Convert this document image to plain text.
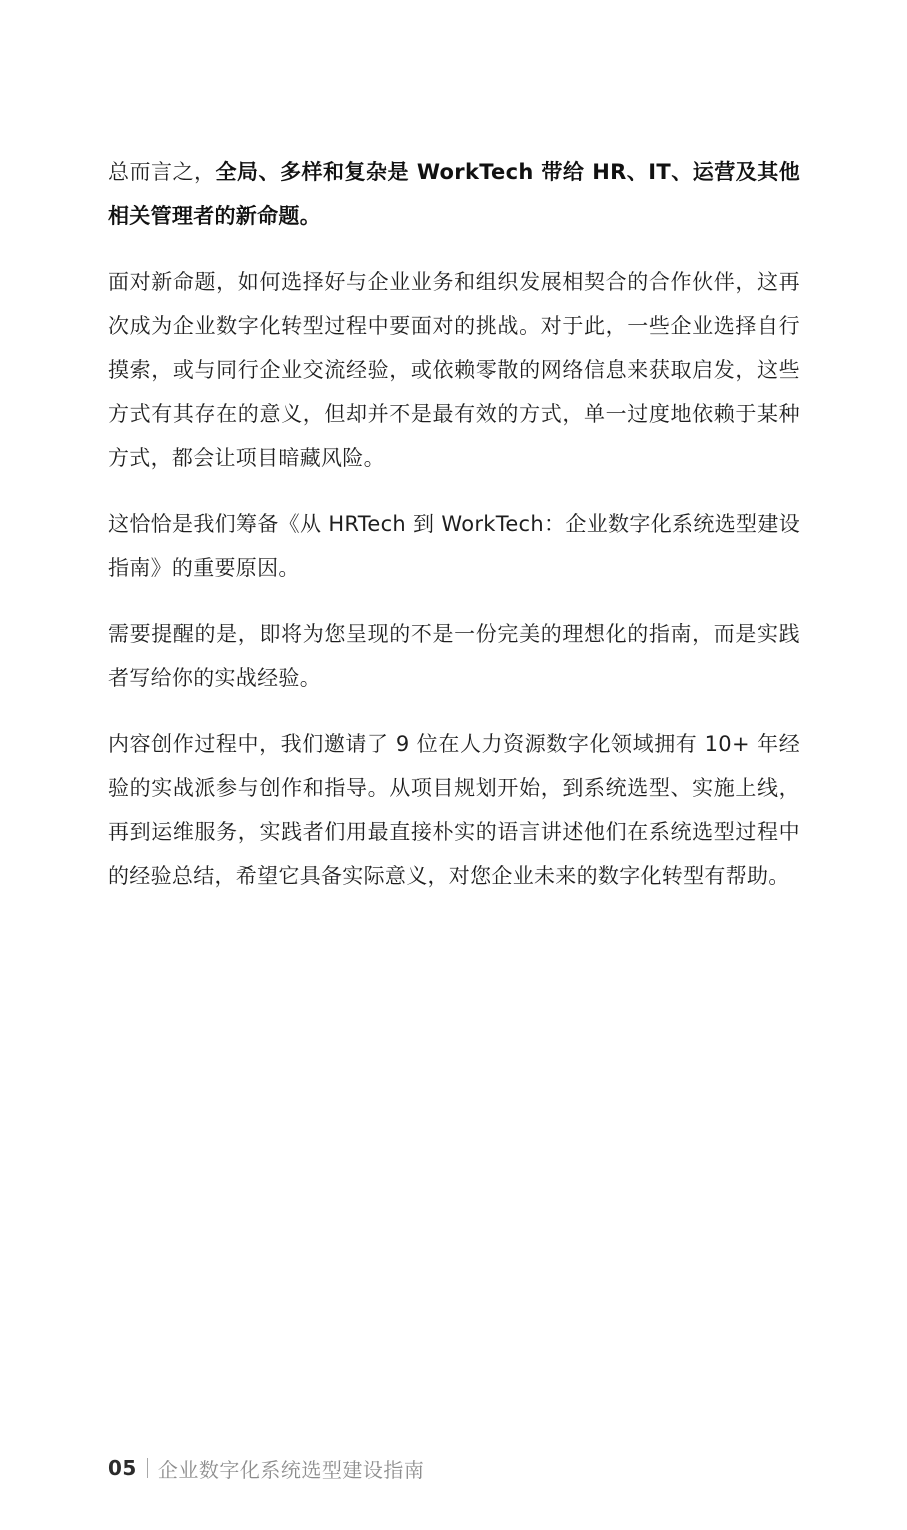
总而言之，全局、多样和复杂是 WorkTech 带给 HR、IT、运营及其他相关管理者的新命题。

面对新命题，如何选择好与企业业务和组织发展相契合的合作伙伴，这再次成为企业数字化转型过程中要面对的挑战。对于此，一些企业选择自行摸索，或与同行企业交流经验，或依赖零散的网络信息来获取启发，这些方式有其存在的意义，但却并不是最有效的方式，单一过度地依赖于某种方式，都会让项目暗藏风险。

这恰恰是我们筹备《从 HRTech 到 WorkTech：企业数字化系统选型建设指南》的重要原因。

需要提醒的是，即将为您呈现的不是一份完美的理想化的指南，而是实践者写给你的实战经验。

内容创作过程中，我们邀请了 9 位在人力资源数字化领域拥有 10+ 年经验的实战派参与创作和指导。从项目规划开始，到系统选型、实施上线，再到运维服务，实践者们用最直接朴实的语言讲述他们在系统选型过程中的经验总结，希望它具备实际意义，对您企业未来的数字化转型有帮助。

05 企业数字化系统选型建设指南
